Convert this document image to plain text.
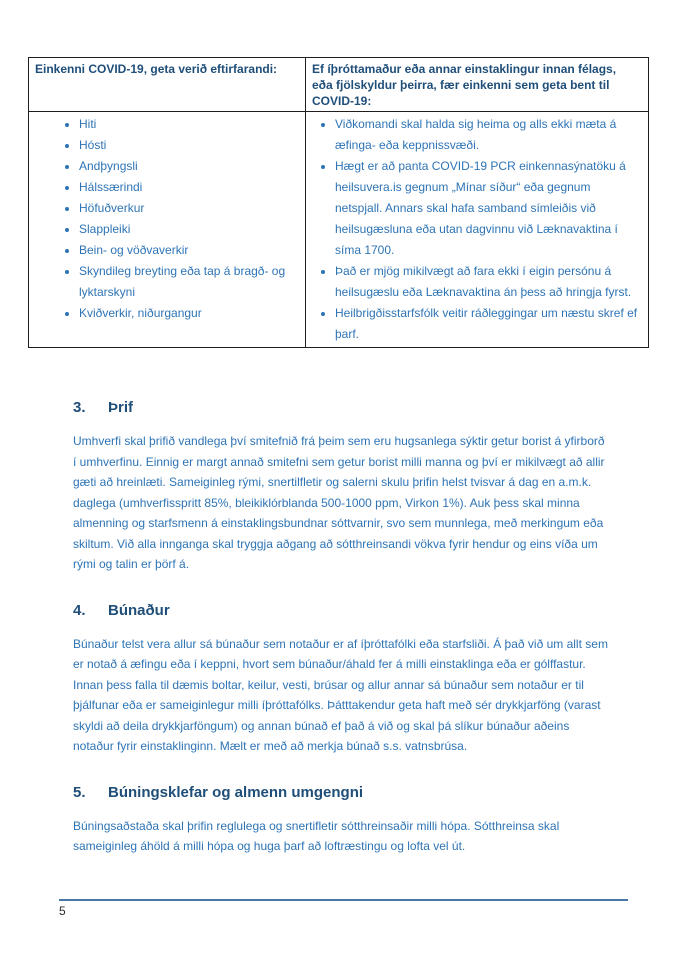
Einkenni COVID-19, geta verið eftirfarandi:	Ef íþróttamaður eða annar einstaklingur innan félags, eða fjölskyldur þeirra, fær einkenni sem geta bent til COVID-19:
• Hiti
• Hósti
• Andþyngsli
• Hálssærindi
• Höfuðverkur
• Slappleiki
• Bein- og vöðvaverkir
• Skyndileg breyting eða tap á bragð- og lyktarskyni
• Kviðverkir, niðurgangur
• Viðkomandi skal halda sig heima og alls ekki mæta á æfinga- eða keppnissvæði.
• Hægt er að panta COVID-19 PCR einkennasýnatöku á heilsuvera.is gegnum „Mínar síður“ eða gegnum netspjall. Annars skal hafa samband símleiðis við heilsugæsluna eða utan dagvinnu við Læknavaktina í síma 1700.
• Það er mjög mikilvægt að fara ekki í eigin persónu á heilsugæslu eða Læknavaktina án þess að hringja fyrst.
• Heilbrigðisstarfsfólk veitir ráðleggingar um næstu skref ef þarf.
3. Þrif

Umhverfi skal þrifið vandlega því smitefnið frá þeim sem eru hugsanlega sýktir getur borist á yfirborð í umhverfinu. Einnig er margt annað smitefni sem getur borist milli manna og því er mikilvægt að allir gæti að hreinlæti. Sameiginleg rými, snertilfletir og salerni skulu þrifin helst tvisvar á dag en a.m.k. daglega (umhverfisspritt 85%, bleikiklórblanda 500-1000 ppm, Virkon 1%). Auk þess skal minna almenning og starfsmenn á einstaklingsbundnar sóttvarnir, svo sem munnlega, með merkingum eða skiltum. Við alla innganga skal tryggja aðgang að sótthreinsandi vökva fyrir hendur og eins víða um rými og talin er þörf á.

4. Búnaður

Búnaður telst vera allur sá búnaður sem notaður er af íþróttafólki eða starfsliði. Á það við um allt sem er notað á æfingu eða í keppni, hvort sem búnaður/áhald fer á milli einstaklinga eða er gólffastur. Innan þess falla til dæmis boltar, keilur, vesti, brúsar og allur annar sá búnaður sem notaður er til þjálfunar eða er sameiginlegur milli íþróttafólks. Þátttakendur geta haft með sér drykkjarföng (varast skyldi að deila drykkjarföngum) og annan búnað ef það á við og skal þá slíkur búnaður aðeins notaður fyrir einstaklinginn. Mælt er með að merkja búnað s.s. vatnsbrúsa.

5. Búningsklefar og almenn umgengni

Búningsaðstaða skal þrifin reglulega og snertifletir sótthreinsaðir milli hópa. Sótthreinsa skal sameiginleg áhöld á milli hópa og huga þarf að loftræstingu og lofta vel út.

5
